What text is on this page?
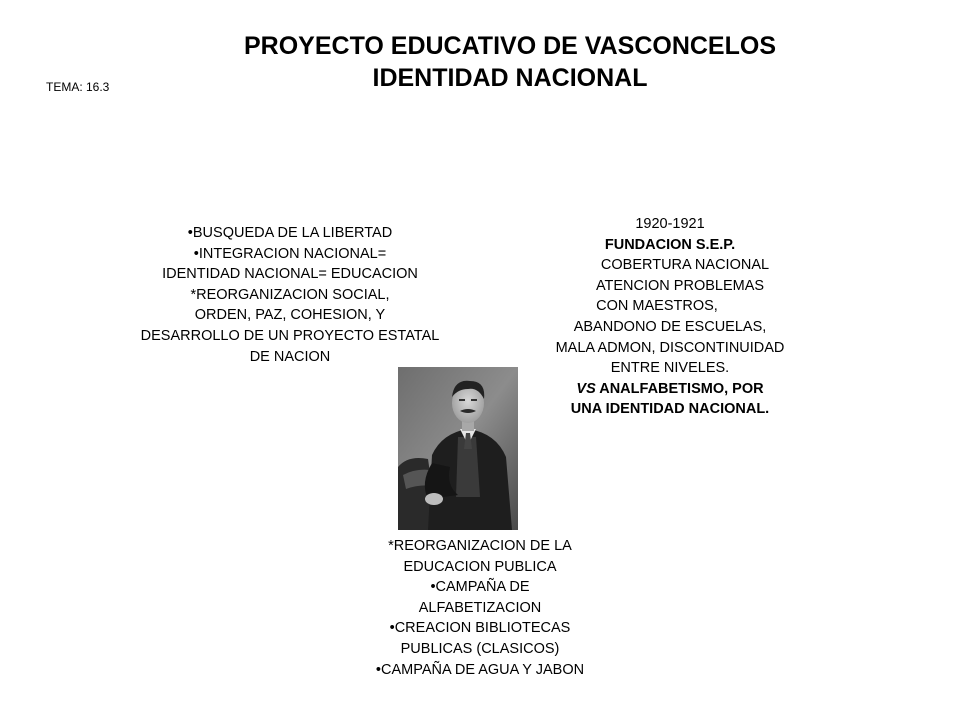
PROYECTO EDUCATIVO DE VASCONCELOS
IDENTIDAD NACIONAL
TEMA: 16.3
•BUSQUEDA DE LA LIBERTAD
•INTEGRACION NACIONAL=
IDENTIDAD NACIONAL= EDUCACION
*REORGANIZACION SOCIAL,
ORDEN, PAZ, COHESION, Y
DESARROLLO DE UN PROYECTO ESTATAL
DE NACION
1920-1921
FUNDACION S.E.P.
COBERTURA NACIONAL
ATENCION PROBLEMAS
CON MAESTROS,
ABANDONO DE ESCUELAS,
MALA ADMON, DISCONTINUIDAD
ENTRE NIVELES.
VS ANALFABETISMO, POR
UNA IDENTIDAD NACIONAL.
*REORGANIZACION DE LA
EDUCACION PUBLICA
•CAMPAÑA DE
ALFABETIZACION
•CREACION BIBLIOTECAS
PUBLICAS (CLASICOS)
•CAMPAÑA DE AGUA Y JABON
